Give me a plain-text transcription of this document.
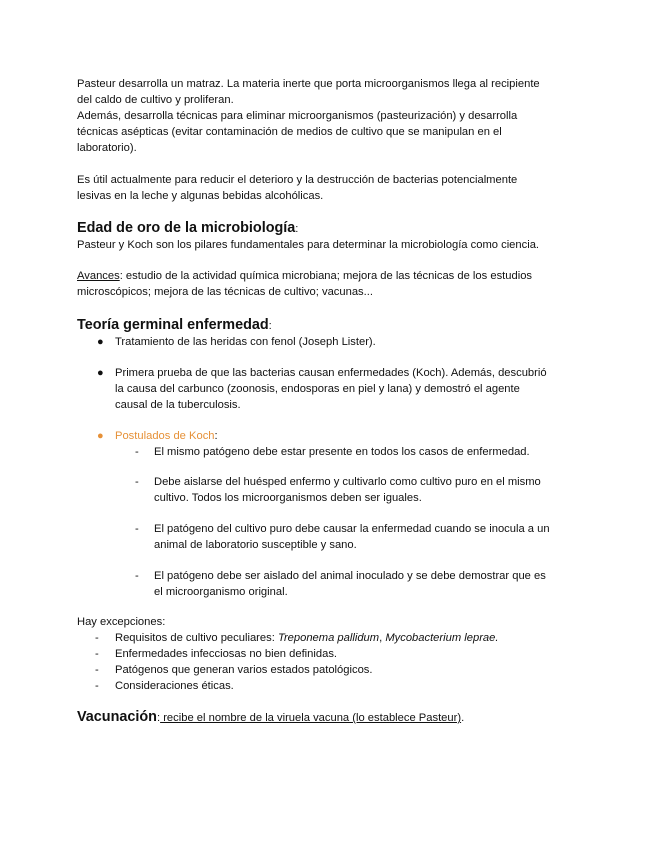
Pasteur desarrolla un matraz. La materia inerte que porta microorganismos llega al recipiente
del caldo de cultivo y proliferan.
Además, desarrolla técnicas para eliminar microorganismos (pasteurización) y desarrolla
técnicas asépticas (evitar contaminación de medios de cultivo que se manipulan en el
laboratorio).
Es útil actualmente para reducir el deterioro y la destrucción de bacterias potencialmente
lesivas en la leche y algunas bebidas alcohólicas.
Edad de oro de la microbiología:
Pasteur y Koch son los pilares fundamentales para determinar la microbiología como ciencia.
Avances: estudio de la actividad química microbiana; mejora de las técnicas de los estudios
microscópicos; mejora de las técnicas de cultivo; vacunas...
Teoría germinal enfermedad:
● Tratamiento de las heridas con fenol (Joseph Lister).
● Primera prueba de que las bacterias causan enfermedades (Koch). Además, descubrió
la causa del carbunco (zoonosis, endosporas en piel y lana) y demostró el agente
causal de la tuberculosis.
● Postulados de Koch:
- El mismo patógeno debe estar presente en todos los casos de enfermedad.
- Debe aislarse del huésped enfermo y cultivarlo como cultivo puro en el mismo
cultivo. Todos los microorganismos deben ser iguales.
- El patógeno del cultivo puro debe causar la enfermedad cuando se inocula a un
animal de laboratorio susceptible y sano.
- El patógeno debe ser aislado del animal inoculado y se debe demostrar que es
el microorganismo original.
Hay excepciones:
- Requisitos de cultivo peculiares: Treponema pallidum, Mycobacterium leprae.
- Enfermedades infecciosas no bien definidas.
- Patógenos que generan varios estados patológicos.
- Consideraciones éticas.
Vacunación: recibe el nombre de la viruela vacuna (lo establece Pasteur).
